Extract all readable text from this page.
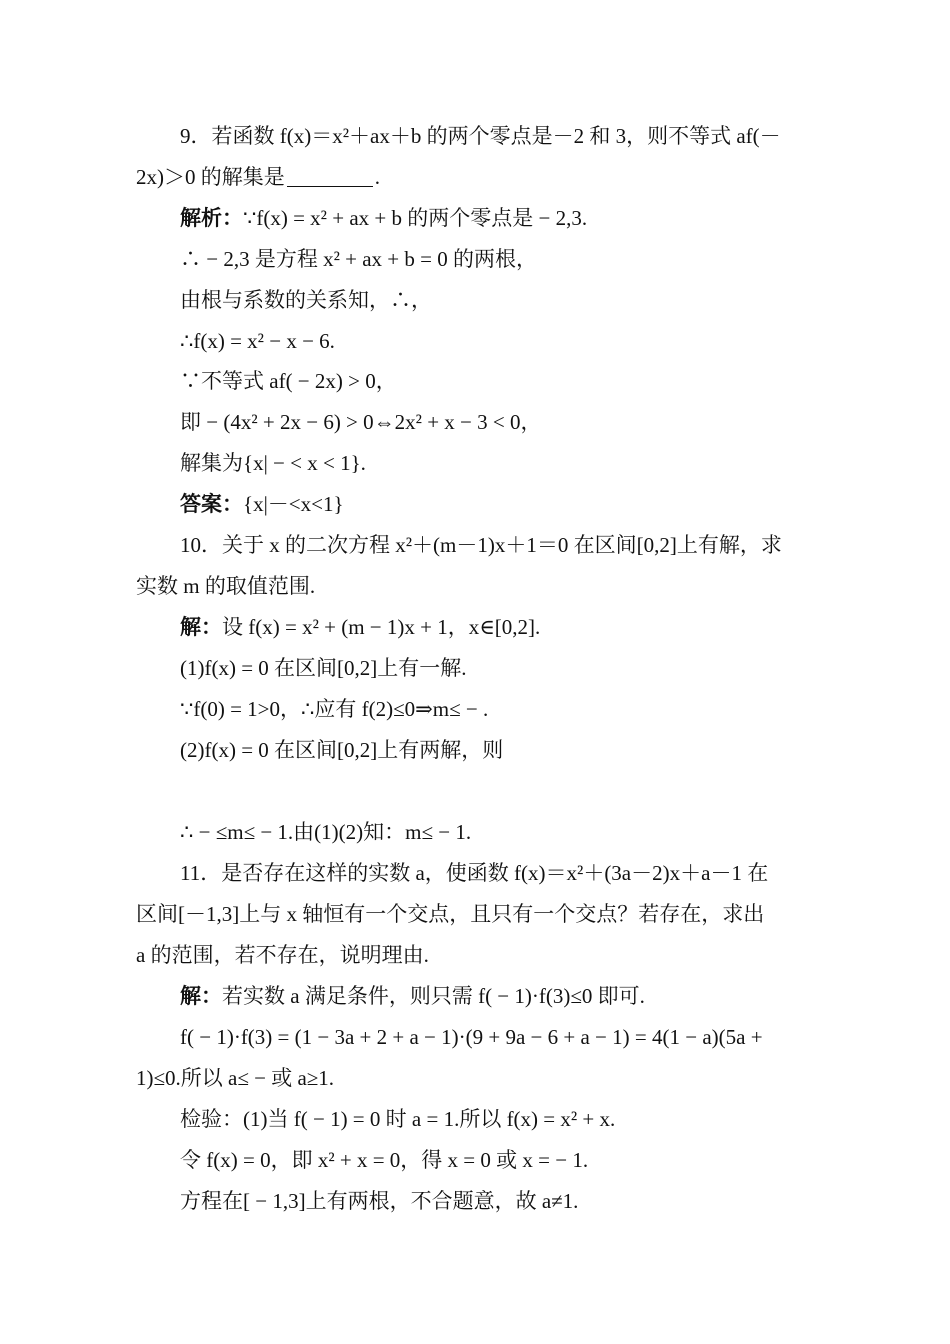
9．若函数 f(x)＝x²＋ax＋b 的两个零点是－2 和 3，则不等式 af(－
2x)＞0 的解集是	.
解析：∵f(x) = x² + ax + b 的两个零点是 − 2,3.
∴ − 2,3 是方程 x² + ax + b = 0 的两根，
由根与系数的关系知，∴，
∴f(x) = x² − x − 6.
∵不等式 af( − 2x) > 0，
即 − (4x² + 2x − 6) > 0⇔2x² + x − 3 < 0，
解集为{x| − < x < 1}.
答案：{x|－<x<1}
10．关于 x 的二次方程 x²＋(m－1)x＋1＝0 在区间[0,2]上有解，求
实数 m 的取值范围.
解：设 f(x) = x² + (m − 1)x + 1，x∈[0,2].
(1)f(x) = 0 在区间[0,2]上有一解.
∵f(0) = 1>0，∴应有 f(2)≤0⇒m≤ − .
(2)f(x) = 0 在区间[0,2]上有两解，则
∴ − ≤m≤ − 1.由(1)(2)知：m≤ − 1.
11．是否存在这样的实数 a，使函数 f(x)＝x²＋(3a－2)x＋a－1 在
区间[－1,3]上与 x 轴恒有一个交点，且只有一个交点？若存在，求出
a 的范围，若不存在，说明理由.
解：若实数 a 满足条件，则只需 f( − 1)·f(3)≤0 即可.
f( − 1)·f(3) = (1 − 3a + 2 + a − 1)·(9 + 9a − 6 + a − 1) = 4(1 − a)(5a +
1)≤0.所以 a≤ − 或 a≥1.
检验：(1)当 f( − 1) = 0 时 a = 1.所以 f(x) = x² + x.
令 f(x) = 0，即 x² + x = 0，得 x = 0 或 x = − 1.
方程在[ − 1,3]上有两根，不合题意，故 a≠1.
